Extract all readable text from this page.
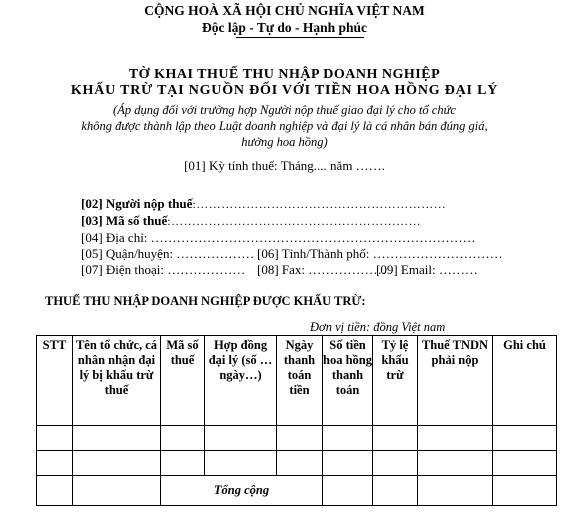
CỘNG HOÀ XÃ HỘI CHỦ NGHĨA VIỆT NAM
Độc lập - Tự do - Hạnh phúc
TỜ KHAI THUẾ THU NHẬP DOANH NGHIỆP
KHẤU TRỪ TẠI NGUỒN ĐỐI VỚI TIỀN HOA HỒNG ĐẠI LÝ
(Áp dụng đối với trường hợp Người nộp thuế giao đại lý cho tổ chức
không được thành lập theo Luật doanh nghiệp và đại lý là cá nhân bán đúng giá,
hưởng hoa hồng)
[01] Kỳ tính thuế: Tháng.... năm …….
[02] Người nộp thuế:……………………………………………………
[03] Mã số thuế:……………………………………………………
[04] Địa chỉ: …………………………………………………………………
[05] Quận/huyện: ……………… [06] Tỉnh/Thành phố: …………………………
[07] Điện thoại: ……………… [08] Fax: ………………
[09] Email: ………
THUẾ THU NHẬP DOANH NGHIỆP ĐƯỢC KHẤU TRỪ:
Đơn vị tiền: đồng Việt nam
STT	Tên tổ chức, cá nhân nhận đại lý bị khấu trừ thuế	Mã số thuế	Hợp đồng đại lý (số … ngày…)	Ngày thanh toán tiền	Số tiền hoa hồng thanh toán	Tỷ lệ khấu trừ	Thuế TNDN phải nộp	Ghi chú

		Tổng cộng						
